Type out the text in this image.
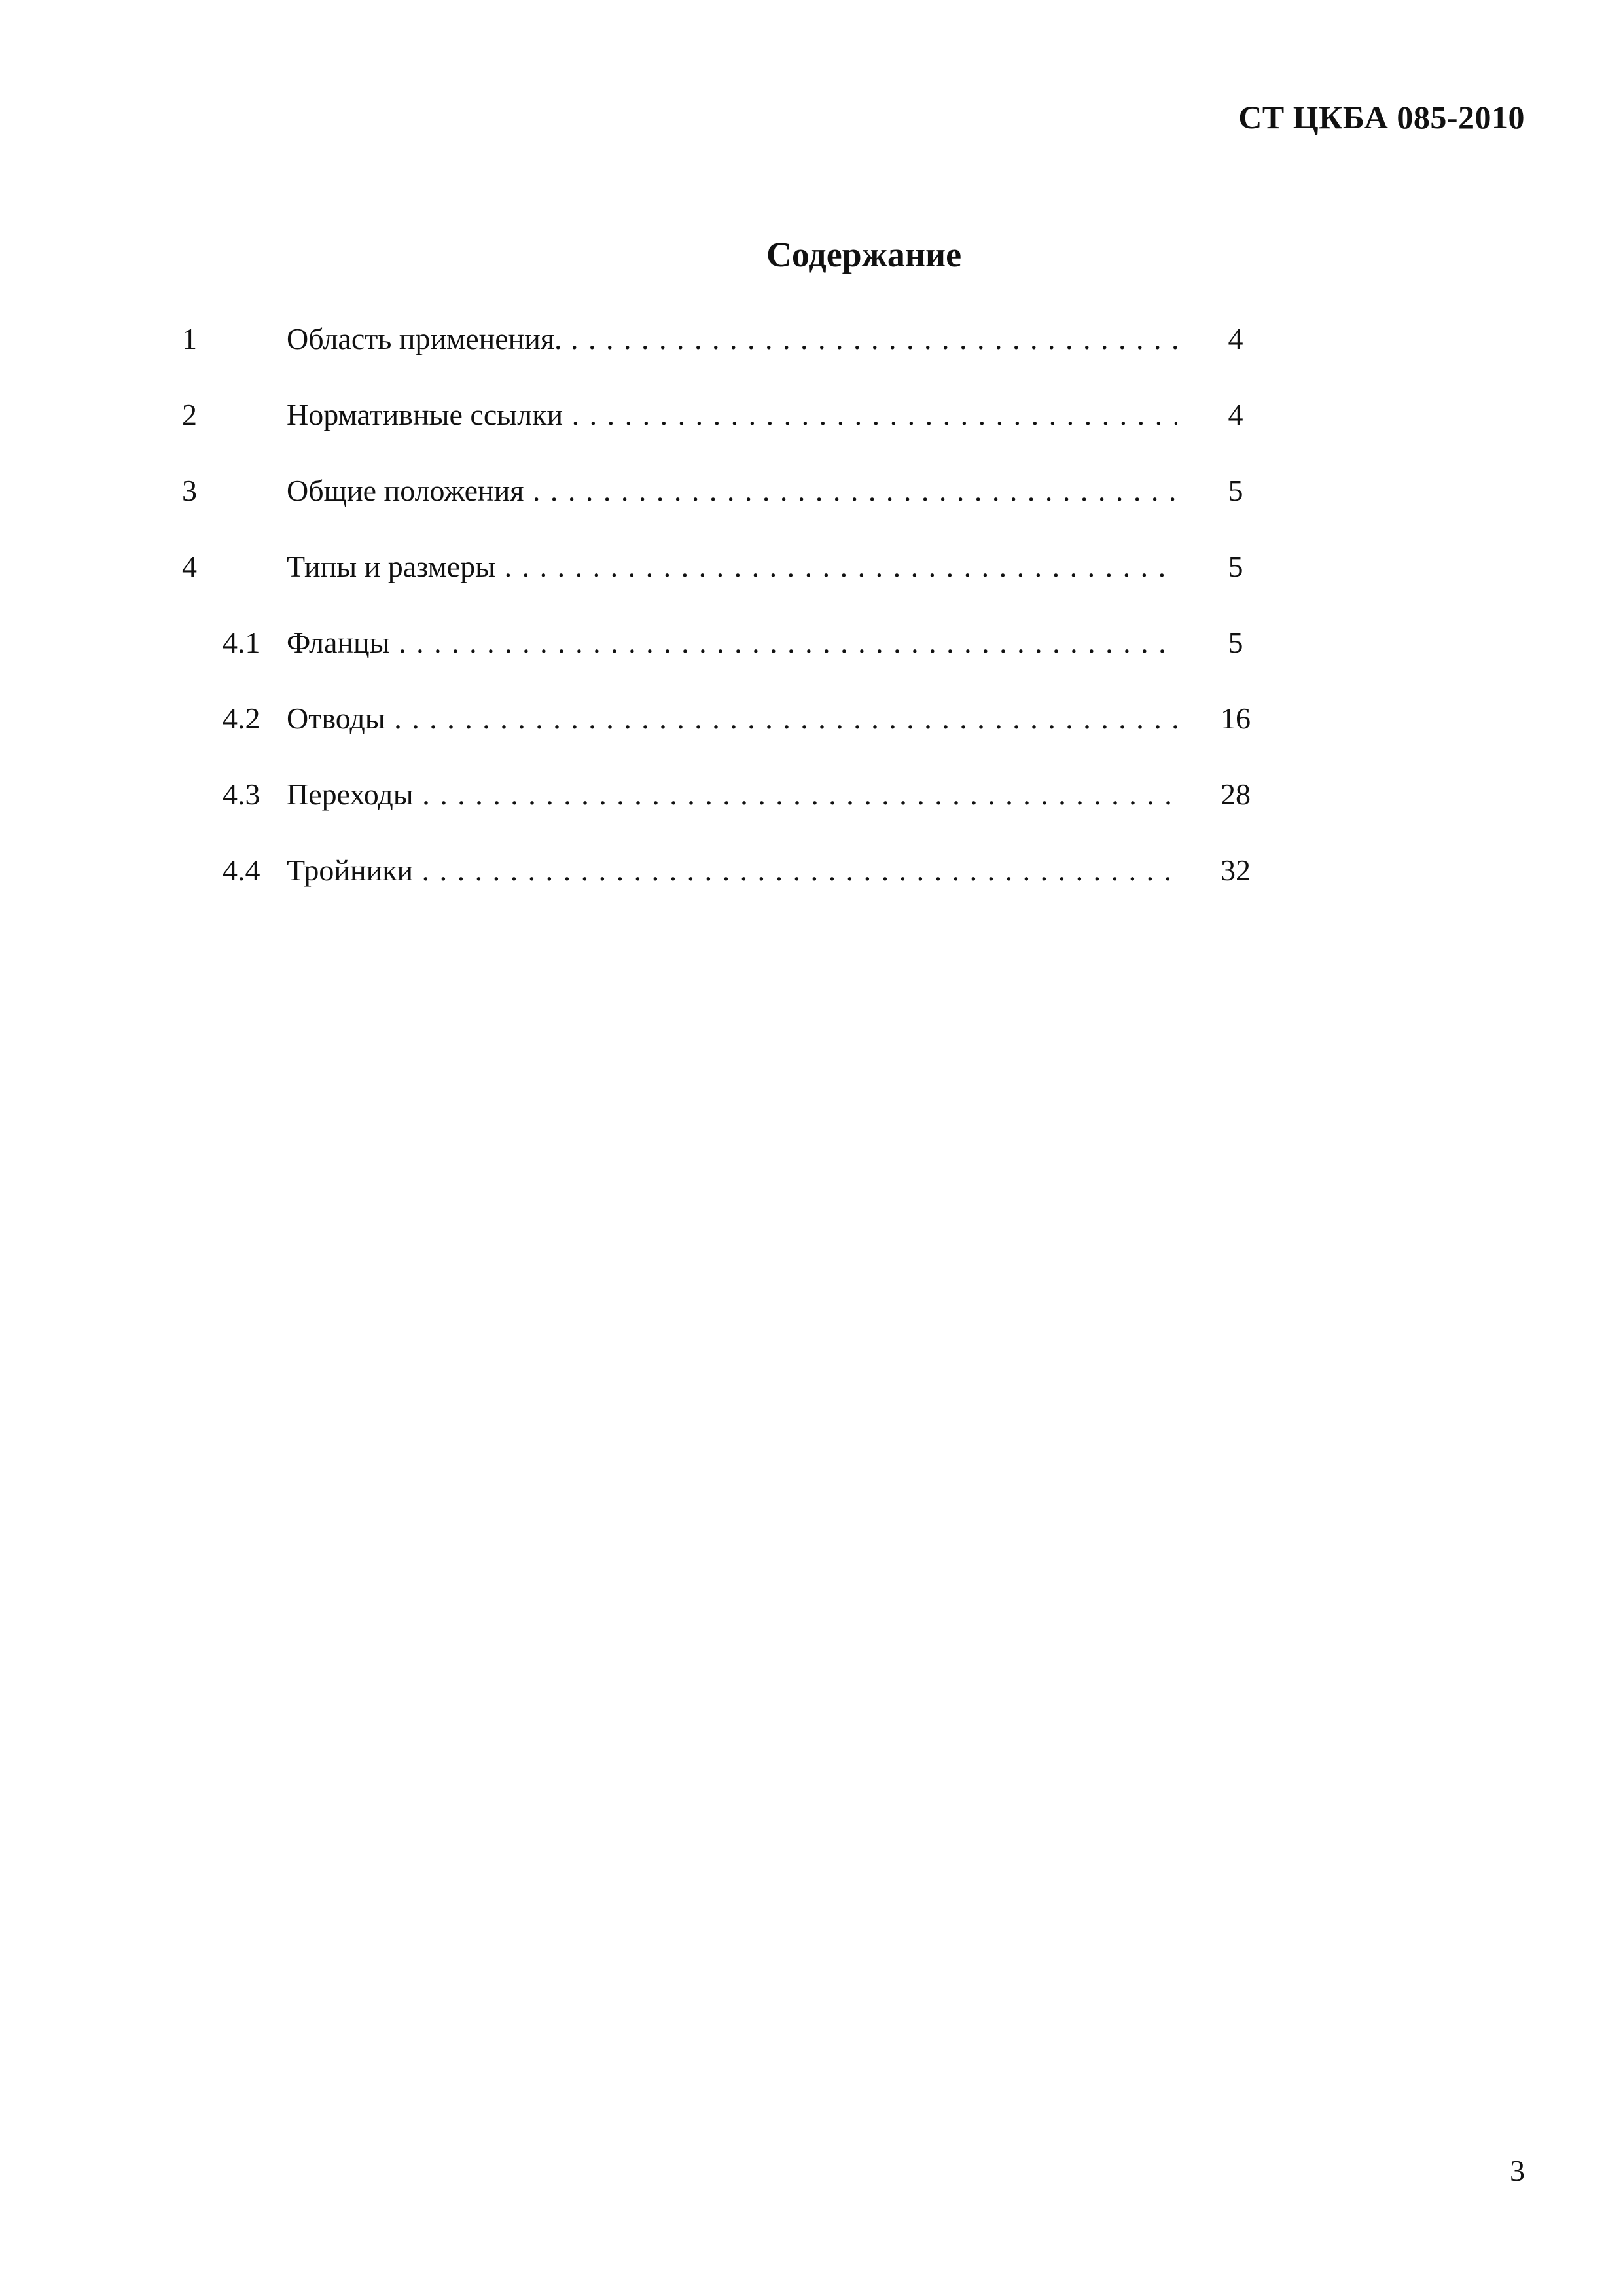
СТ ЦКБА 085-2010
Содержание
1	Область применения. . . .	4
2	Нормативные ссылки . . .	4
3	Общие положения . . .	5
4	Типы и размеры . . .	5
4.1 Фланцы . . .	5
4.2 Отводы . . .	16
4.3 Переходы . . .	28
4.4 Тройники . . .	32
3
